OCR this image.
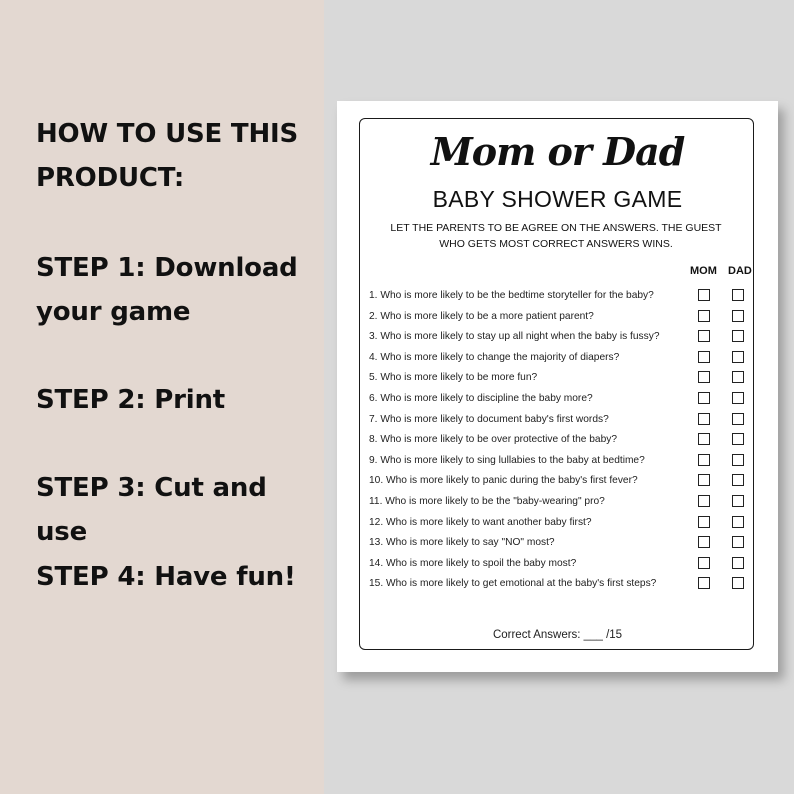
HOW TO USE THIS PRODUCT:

STEP 1: Download your game

STEP 2: Print

STEP 3: Cut and use

STEP 4: Have fun!

Mom or Dad
BABY SHOWER GAME
LET THE PARENTS TO BE AGREE ON THE ANSWERS. THE GUEST WHO GETS MOST CORRECT ANSWERS WINS.
MOM DAD
1. Who is more likely to be the bedtime storyteller for the baby?
2. Who is more likely to be a more patient parent?
3. Who is more likely to stay up all night when the baby is fussy?
4. Who is more likely to change the majority of diapers?
5. Who is more likely to be more fun?
6. Who is more likely to discipline the baby more?
7. Who is more likely to document baby's first words?
8. Who is more likely to be over protective of the baby?
9. Who is more likely to sing lullabies to the baby at bedtime?
10. Who is more likely to panic during the baby's first fever?
11. Who is more likely to be the "baby-wearing" pro?
12. Who is more likely to want another baby first?
13. Who is more likely to say "NO" most?
14. Who is more likely to spoil the baby most?
15. Who is more likely to get emotional at the baby's first steps?
Correct Answers: ___ /15
